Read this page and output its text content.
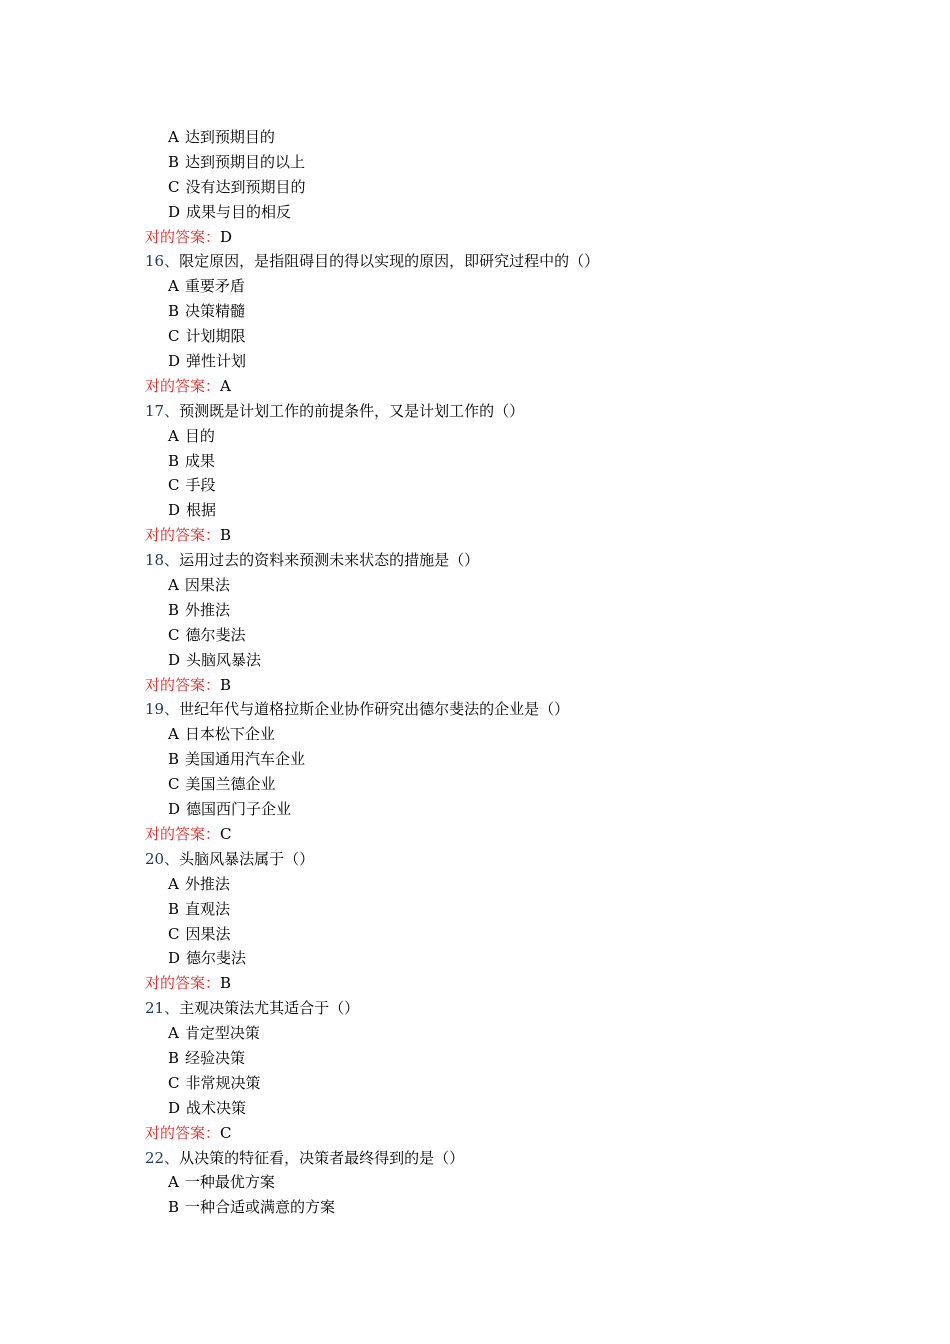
A 达到预期目的
B 达到预期目的以上
C 没有达到预期目的
D 成果与目的相反
对的答案：D
16、限定原因，是指阻碍目的得以实现的原因，即研究过程中的（）
A 重要矛盾
B 决策精髓
C 计划期限
D 弹性计划
对的答案：A
17、预测既是计划工作的前提条件，又是计划工作的（）
A 目的
B 成果
C 手段
D 根据
对的答案：B
18、运用过去的资料来预测未来状态的措施是（）
A 因果法
B 外推法
C 德尔斐法
D 头脑风暴法
对的答案：B
19、世纪年代与道格拉斯企业协作研究出德尔斐法的企业是（）
A 日本松下企业
B 美国通用汽车企业
C 美国兰德企业
D 德国西门子企业
对的答案：C
20、头脑风暴法属于（）
A 外推法
B 直观法
C 因果法
D 德尔斐法
对的答案：B
21、主观决策法尤其适合于（）
A 肯定型决策
B 经验决策
C 非常规决策
D 战术决策
对的答案：C
22、从决策的特征看，决策者最终得到的是（）
A 一种最优方案
B 一种合适或满意的方案
